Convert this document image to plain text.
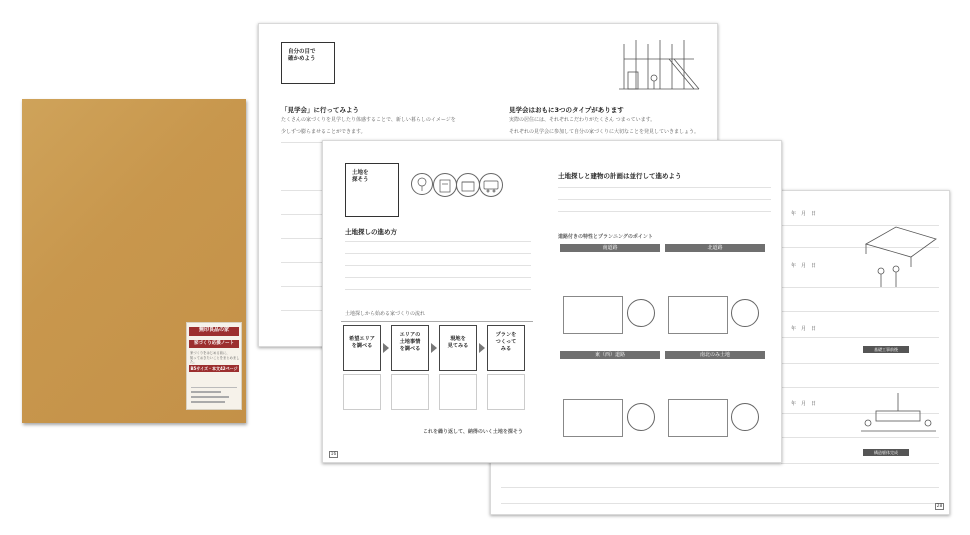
無印良品の家
家づくり応援ノート
家づくりをはじめる前に、
知っておきたいことをまとめました。
B5サイズ・本文42ページ
自分の目で
確かめよう
「見学会」に行ってみよう
たくさんの家づくりを見学したり体感することで、新しい暮らしのイメージを
少しずつ膨らませることができます。
見学会はおもに3つのタイプがあります
実際の居住には、それぞれこだわりがたくさん つまっています。
それぞれの見学会に参加して自分の家づくりに大切なことを発見していきましょう。
年　月　日
年　月　日
年　月　日
基礎工事前後
年　月　日
構造躯体完成
28
土地を
探そう
土地探しの進め方
土地探しから始める家づくりの流れ
希望エリア
を調べる
エリアの
土地事情
を調べる
現地を
見てみる
プランを
つくって
みる
これを繰り返して、納得のいく土地を探そう
土地探しと建物の計画は並行して進めよう
道路付きの特性とプランニングのポイント
南道路	北道路
東（西）道路	南北のみ土地
16
